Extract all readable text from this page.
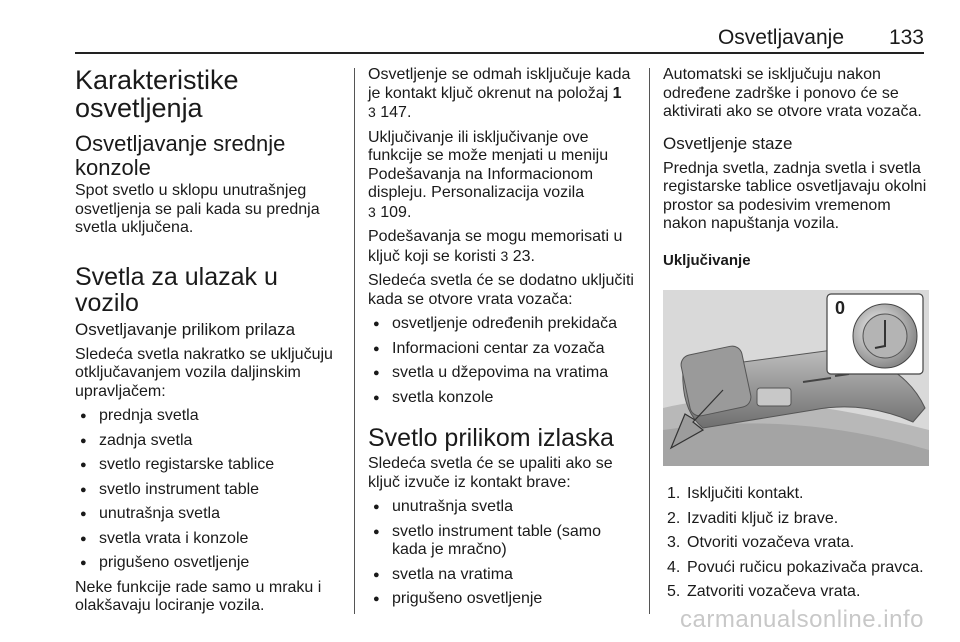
Osvetljavanje 133
Karakteristike osvetljenja
Osvetljavanje srednje konzole

Spot svetlo u sklopu unutrašnjeg osvetljenja se pali kada su prednja svetla uključena.

Svetla za ulazak u vozilo
Osvetljavanje prilikom prilaza

Sledeća svetla nakratko se uključuju otključavanjem vozila daljinskim upravljačem:

● prednja svetla
● zadnja svetla
● svetlo registarske tablice
● svetlo instrument table
● unutrašnja svetla
● svetla vrata i konzole
● prigušeno osvetljenje

Neke funkcije rade samo u mraku i olakšavaju lociranje vozila.

Osvetljenje se odmah isključuje kada je kontakt ključ okrenut na položaj 1
3 147.

Uključivanje ili isključivanje ove funkcije se može menjati u meniju Podešavanja na Informacionom displeju. Personalizacija vozila
3 109.

Podešavanja se mogu memorisati u ključ koji se koristi 3 23.

Sledeća svetla će se dodatno uključiti kada se otvore vrata vozača:

● osvetljenje određenih prekidača
● Informacioni centar za vozača
● svetla u džepovima na vratima
● svetla konzole
Svetlo prilikom izlaska

Sledeća svetla će se upaliti ako se ključ izvuče iz kontakt brave:

● unutrašnja svetla
● svetlo instrument table (samo kada je mračno)
● svetla na vratima
● prigušeno osvetljenje

Automatski se isključuju nakon određene zadrške i ponovo će se aktivirati ako se otvore vrata vozača.

Osvetljenje staze

Prednja svetla, zadnja svetla i svetla registarske tablice osvetljavaju okolni prostor sa podesivim vremenom nakon napuštanja vozila.

Uključivanje
0
1. Isključiti kontakt.
2. Izvaditi ključ iz brave.
3. Otvoriti vozačeva vrata.
4. Povući ručicu pokazivača pravca.
5. Zatvoriti vozačeva vrata.
carmanualsonline.info
